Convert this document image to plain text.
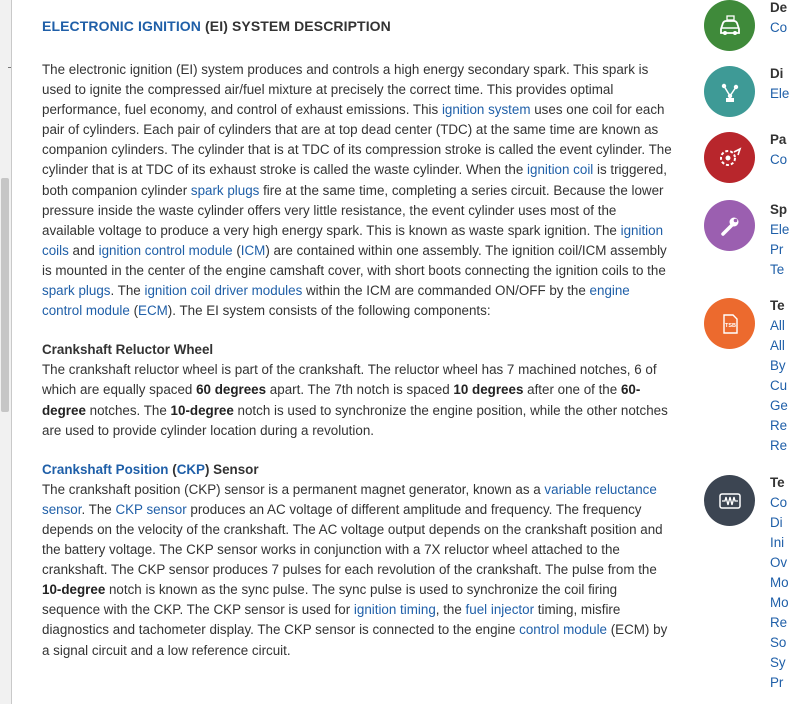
ELECTRONIC IGNITION (EI) SYSTEM DESCRIPTION

The electronic ignition (EI) system produces and controls a high energy secondary spark. This spark is used to ignite the compressed air/fuel mixture at precisely the correct time. This provides optimal performance, fuel economy, and control of exhaust emissions. This ignition system uses one coil for each pair of cylinders. Each pair of cylinders that are at top dead center (TDC) at the same time are known as companion cylinders. The cylinder that is at TDC of its compression stroke is called the event cylinder. The cylinder that is at TDC of its exhaust stroke is called the waste cylinder. When the ignition coil is triggered, both companion cylinder spark plugs fire at the same time, completing a series circuit. Because the lower pressure inside the waste cylinder offers very little resistance, the event cylinder uses most of the available voltage to produce a very high energy spark. This is known as waste spark ignition. The ignition coils and ignition control module (ICM) are contained within one assembly. The ignition coil/ICM assembly is mounted in the center of the engine camshaft cover, with short boots connecting the ignition coils to the spark plugs. The ignition coil driver modules within the ICM are commanded ON/OFF by the engine control module (ECM). The EI system consists of the following components:

Crankshaft Reluctor Wheel

The crankshaft reluctor wheel is part of the crankshaft. The reluctor wheel has 7 machined notches, 6 of which are equally spaced 60 degrees apart. The 7th notch is spaced 10 degrees after one of the 60-degree notches. The 10-degree notch is used to synchronize the engine position, while the other notches are used to provide cylinder location during a revolution.

Crankshaft Position (CKP) Sensor

The crankshaft position (CKP) sensor is a permanent magnet generator, known as a variable reluctance sensor. The CKP sensor produces an AC voltage of different amplitude and frequency. The frequency depends on the velocity of the crankshaft. The AC voltage output depends on the crankshaft position and the battery voltage. The CKP sensor works in conjunction with a 7X reluctor wheel attached to the crankshaft. The CKP sensor produces 7 pulses for each revolution of the crankshaft. The pulse from the 10-degree notch is known as the sync pulse. The sync pulse is used to synchronize the coil firing sequence with the CKP. The CKP sensor is used for ignition timing, the fuel injector timing, misfire diagnostics and tachometer display. The CKP sensor is connected to the engine control module (ECM) by a signal circuit and a low reference circuit.

De
Co
Di
Ele
Pa
Co
Sp
Ele
Pr
Te
TSB
Te
All
All
By
Cu
Ge
Re
Re
Te
Co
Di
Ini
Ov
Mo
Mo
Re
So
Sy
Pr
